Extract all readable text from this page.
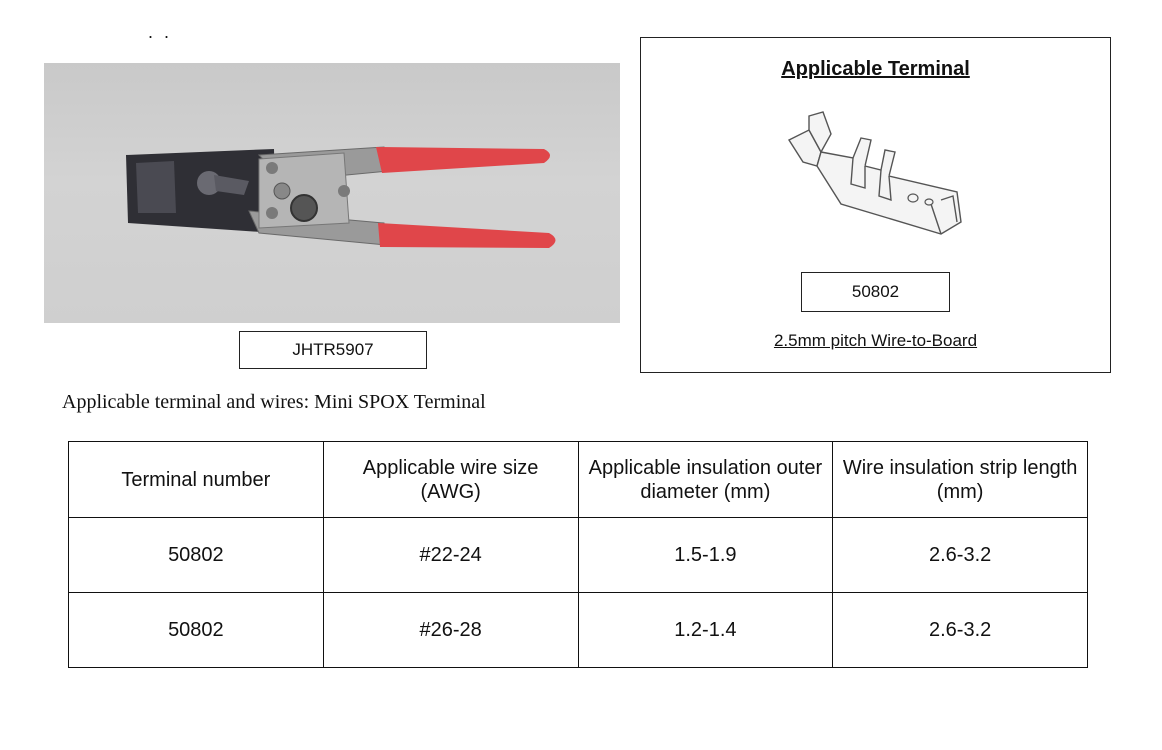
. .
JHTR5907
Applicable Terminal
50802
2.5mm pitch Wire-to-Board
Applicable terminal and wires: Mini SPOX Terminal
Terminal number	Applicable wire size (AWG)	Applicable insulation outer diameter (mm)	Wire insulation strip length (mm)
50802	#22-24	1.5-1.9	2.6-3.2
50802	#26-28	1.2-1.4	2.6-3.2
